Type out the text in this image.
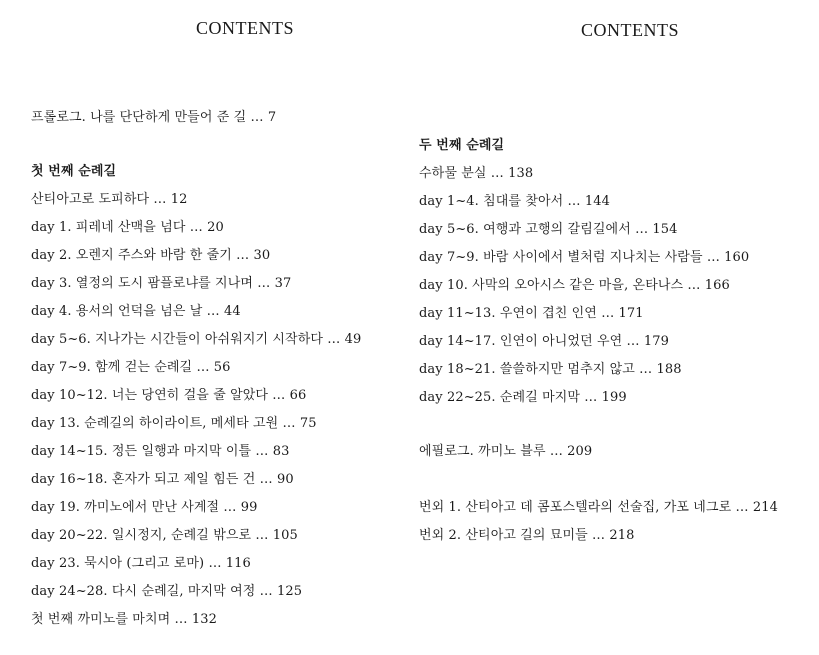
CONTENTS
프롤로그. 나를 단단하게 만들어 준 길 … 7
첫 번째 순례길
산티아고로 도피하다 … 12
day 1. 피레네 산맥을 넘다 … 20
day 2. 오렌지 주스와 바람 한 줄기 … 30
day 3. 열정의 도시 팜플로냐를 지나며 … 37
day 4. 용서의 언덕을 넘은 날 … 44
day 5~6. 지나가는 시간들이 아쉬워지기 시작하다 … 49
day 7~9. 함께 걷는 순례길 … 56
day 10~12. 너는 당연히 걸을 줄 알았다 … 66
day 13. 순례길의 하이라이트, 메세타 고원 … 75
day 14~15. 정든 일행과 마지막 이틀 … 83
day 16~18. 혼자가 되고 제일 힘든 건 … 90
day 19. 까미노에서 만난 사계절 … 99
day 20~22. 일시정지, 순례길 밖으로 … 105
day 23. 묵시아 (그리고 로마) … 116
day 24~28. 다시 순례길, 마지막 여정 … 125
첫 번째 까미노를 마치며 … 132
CONTENTS
두 번째 순례길
수하물 분실 … 138
day 1~4. 침대를 찾아서 … 144
day 5~6. 여행과 고행의 갈림길에서 … 154
day 7~9. 바람 사이에서 별처럼 지나치는 사람들 … 160
day 10. 사막의 오아시스 같은 마을, 온타나스 … 166
day 11~13. 우연이 겹친 인연 … 171
day 14~17. 인연이 아니었던 우연 … 179
day 18~21. 쓸쓸하지만 멈추지 않고 … 188
day 22~25. 순례길 마지막 … 199
에필로그. 까미노 블루 … 209
번외 1. 산티아고 데 콤포스텔라의 선술집, 가포 네그로 … 214
번외 2. 산티아고 길의 묘미들 … 218
